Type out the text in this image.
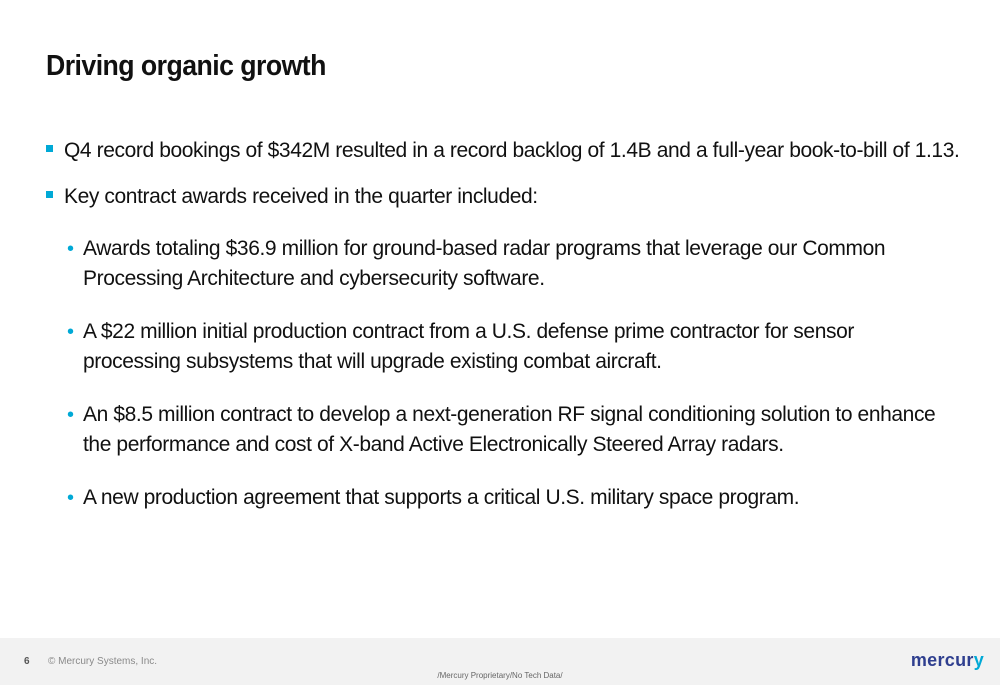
Driving organic growth
Q4 record bookings of $342M resulted in a record backlog of 1.4B and a full-year book-to-bill of 1.13.
Key contract awards received in the quarter included:
• Awards totaling $36.9 million for ground-based radar programs that leverage our Common Processing Architecture and cybersecurity software.
• A $22 million initial production contract from a U.S. defense prime contractor for sensor processing subsystems that will upgrade existing combat aircraft.
• An $8.5 million contract to develop a next-generation RF signal conditioning solution to enhance the performance and cost of X-band Active Electronically Steered Array radars.
• A new production agreement that supports a critical U.S. military space program.
6 © Mercury Systems, Inc.
/Mercury Proprietary/No Tech Data/
mercury
